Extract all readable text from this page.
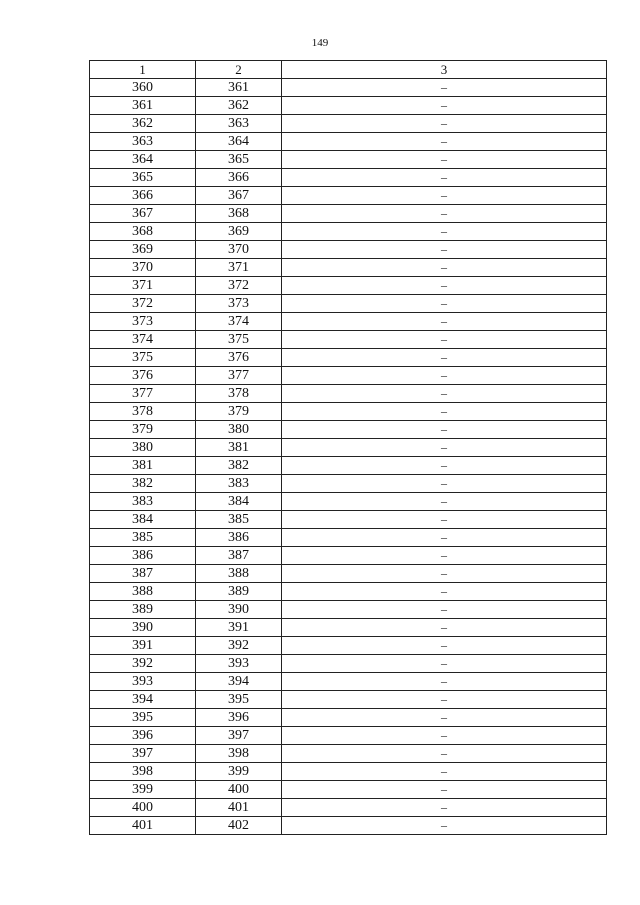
149
1	2	3
360	361	–
361	362	–
362	363	–
363	364	–
364	365	–
365	366	–
366	367	–
367	368	–
368	369	–
369	370	–
370	371	–
371	372	–
372	373	–
373	374	–
374	375	–
375	376	–
376	377	–
377	378	–
378	379	–
379	380	–
380	381	–
381	382	–
382	383	–
383	384	–
384	385	–
385	386	–
386	387	–
387	388	–
388	389	–
389	390	–
390	391	–
391	392	–
392	393	–
393	394	–
394	395	–
395	396	–
396	397	–
397	398	–
398	399	–
399	400	–
400	401	–
401	402	–
